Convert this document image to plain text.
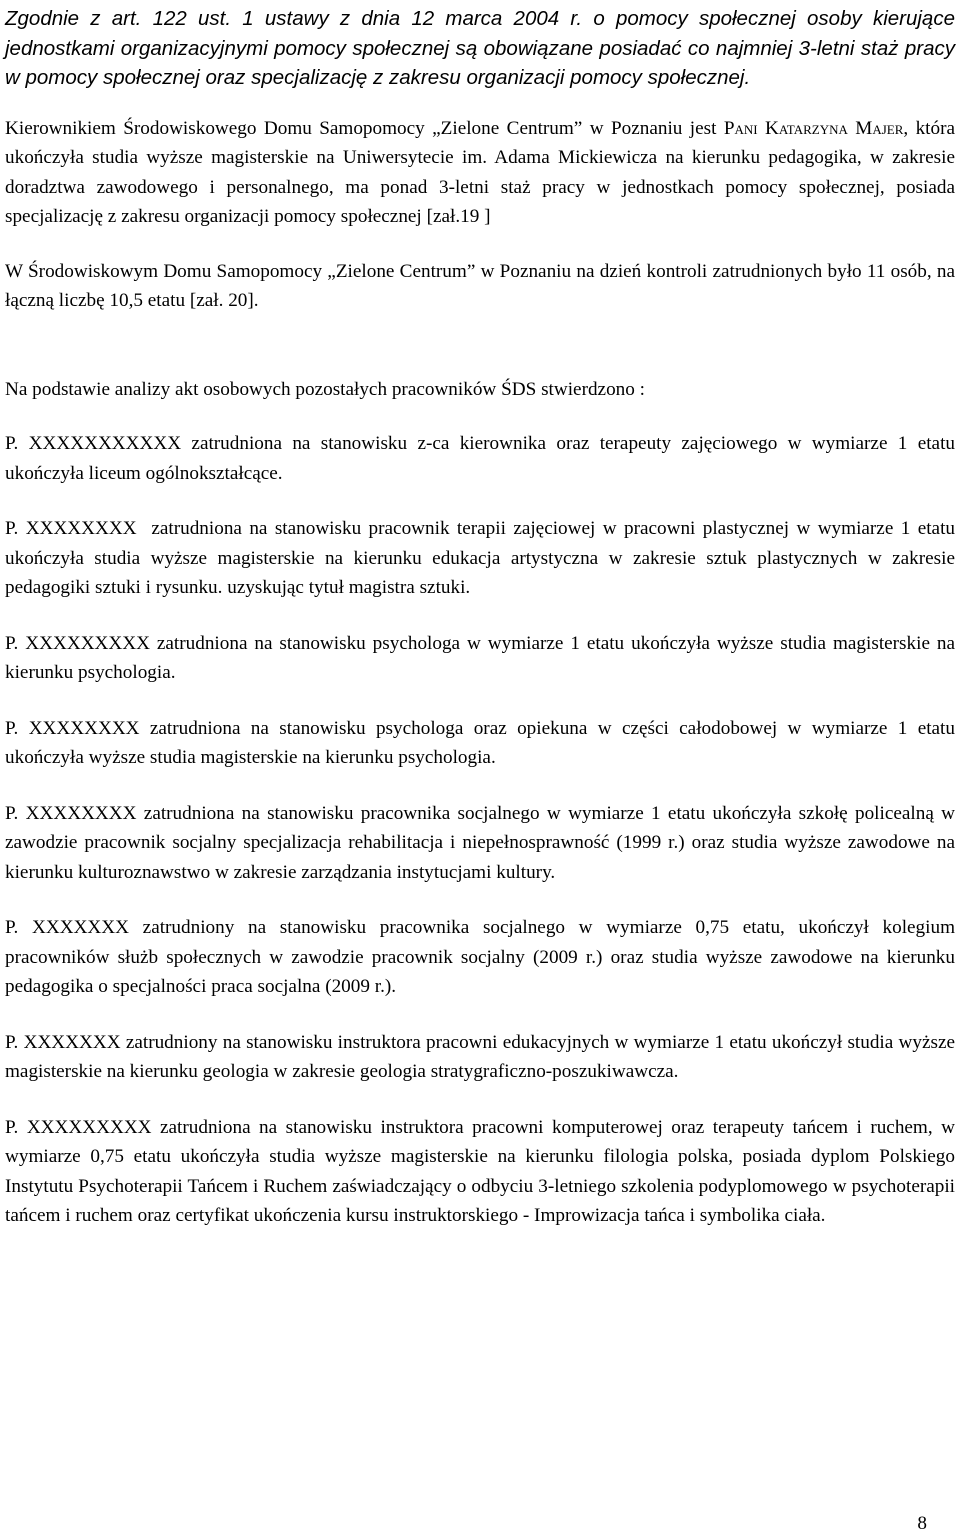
Zgodnie z art. 122 ust. 1 ustawy z dnia 12 marca 2004 r. o pomocy społecznej osoby kierujące jednostkami organizacyjnymi pomocy społecznej są obowiązane posiadać co najmniej 3-letni staż pracy w pomocy społecznej oraz specjalizację z zakresu organizacji pomocy społecznej.

Kierownikiem Środowiskowego Domu Samopomocy „Zielone Centrum” w Poznaniu jest Pani Katarzyna Majer, która ukończyła studia wyższe magisterskie na Uniwersytecie im. Adama Mickiewicza na kierunku pedagogika, w zakresie doradztwa zawodowego i personalnego, ma ponad 3-letni staż pracy w jednostkach pomocy społecznej, posiada specjalizację z zakresu organizacji pomocy społecznej [zał.19 ]

W Środowiskowym Domu Samopomocy „Zielone Centrum” w Poznaniu na dzień kontroli zatrudnionych było 11 osób, na łączną liczbę 10,5 etatu [zał. 20].

Na podstawie analizy akt osobowych pozostałych pracowników ŚDS stwierdzono :

P. XXXXXXXXXXX zatrudniona na stanowisku z-ca kierownika oraz terapeuty zajęciowego w wymiarze 1 etatu ukończyła liceum ogólnokształcące.

P. XXXXXXXX  zatrudniona na stanowisku pracownik terapii zajęciowej w pracowni plastycznej w wymiarze 1 etatu ukończyła studia wyższe magisterskie na kierunku edukacja artystyczna w zakresie sztuk plastycznych w zakresie pedagogiki sztuki i rysunku. uzyskując tytuł magistra sztuki.

P. XXXXXXXXX zatrudniona na stanowisku psychologa w wymiarze 1 etatu ukończyła wyższe studia magisterskie na kierunku psychologia.

P. XXXXXXXX zatrudniona na stanowisku psychologa oraz opiekuna w części całodobowej w wymiarze 1 etatu ukończyła wyższe studia magisterskie na kierunku psychologia.

P. XXXXXXXX zatrudniona na stanowisku pracownika socjalnego w wymiarze 1 etatu ukończyła szkołę policealną w zawodzie pracownik socjalny specjalizacja rehabilitacja i niepełnosprawność (1999 r.) oraz studia wyższe zawodowe na kierunku kulturoznawstwo w zakresie zarządzania instytucjami kultury.

P. XXXXXXX zatrudniony na stanowisku pracownika socjalnego w wymiarze 0,75 etatu, ukończył kolegium pracowników służb społecznych w zawodzie pracownik socjalny (2009 r.) oraz studia wyższe zawodowe na kierunku pedagogika o specjalności praca socjalna (2009 r.).

P. XXXXXXX zatrudniony na stanowisku instruktora pracowni edukacyjnych w wymiarze 1 etatu ukończył studia wyższe magisterskie na kierunku geologia w zakresie geologia stratygraficzno-poszukiwawcza.

P. XXXXXXXXX zatrudniona na stanowisku instruktora pracowni komputerowej oraz terapeuty tańcem i ruchem, w wymiarze 0,75 etatu ukończyła studia wyższe magisterskie na kierunku filologia polska, posiada dyplom Polskiego Instytutu Psychoterapii Tańcem i Ruchem zaświadczający o odbyciu 3-letniego szkolenia podyplomowego w psychoterapii tańcem i ruchem oraz certyfikat ukończenia kursu instruktorskiego - Improwizacja tańca i symbolika ciała.

8
